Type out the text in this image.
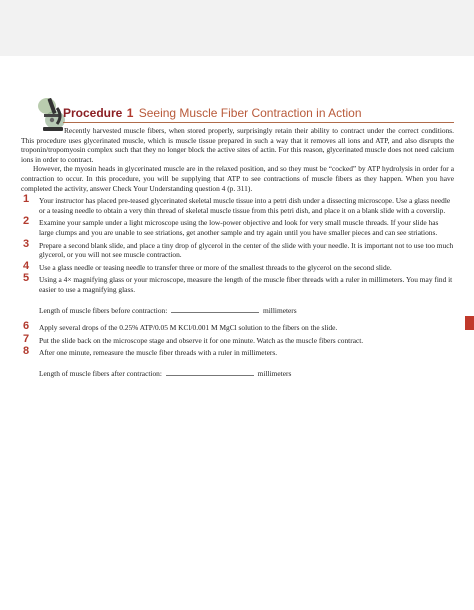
Procedure 1 Seeing Muscle Fiber Contraction in Action

Recently harvested muscle fibers, when stored properly, surprisingly retain their ability to contract under the correct conditions. This procedure uses glycerinated muscle, which is muscle tissue prepared in such a way that it removes all ions and ATP, and also disrupts the troponin/tropomyosin complex such that they no longer block the active sites of actin. For this reason, glycerinated muscle does not need calcium ions in order to contract.

However, the myosin heads in glycerinated muscle are in the relaxed position, and so they must be “cocked” by ATP hydrolysis in order for a contraction to occur. In this procedure, you will be supplying that ATP to see contractions of muscle fibers as they happen. When you have completed the activity, answer Check Your Understanding question 4 (p. 311).

1 Your instructor has placed pre-teased glycerinated skeletal muscle tissue into a petri dish under a dissecting microscope. Use a glass needle or a teasing needle to obtain a very thin thread of skeletal muscle tissue from this petri dish, and place it on a blank slide with a coverslip.
2 Examine your sample under a light microscope using the low-power objective and look for very small muscle threads. If your slide has large clumps and you are unable to see striations, get another sample and try again until you have smaller pieces and can see striations.
3 Prepare a second blank slide, and place a tiny drop of glycerol in the center of the slide with your needle. It is important not to use too much glycerol, or you will not see muscle contraction.
4 Use a glass needle or teasing needle to transfer three or more of the smallest threads to the glycerol on the second slide.
5 Using a 4× magnifying glass or your microscope, measure the length of the muscle fiber threads with a ruler in millimeters. You may find it easier to use a magnifying glass.
Length of muscle fibers before contraction:	millimeters
6 Apply several drops of the 0.25% ATP/0.05 M KCl/0.001 M MgCl solution to the fibers on the slide.
7 Put the slide back on the microscope stage and observe it for one minute. Watch as the muscle fibers contract.
8 After one minute, remeasure the muscle fiber threads with a ruler in millimeters.
Length of muscle fibers after contraction:	millimeters
